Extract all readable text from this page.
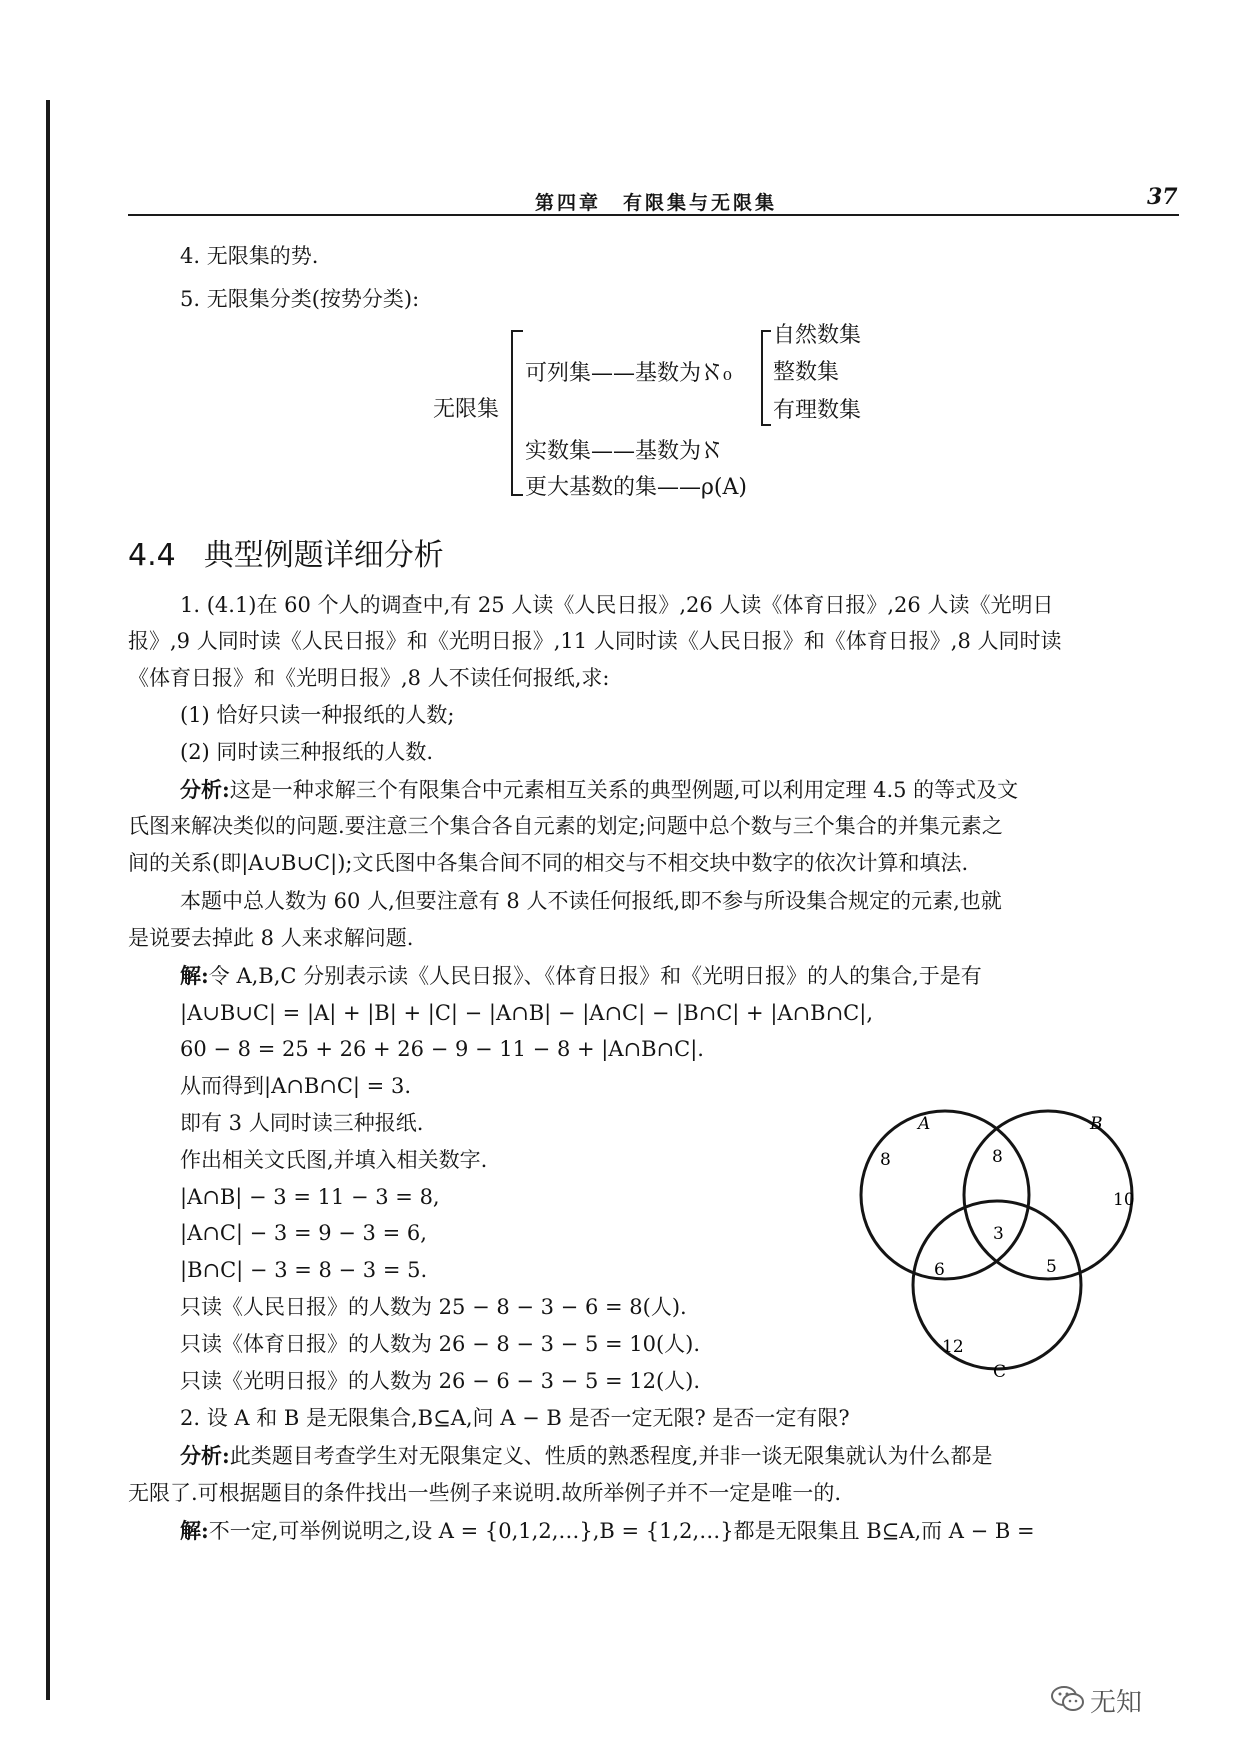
第四章　有限集与无限集	37
4. 无限集的势.
5. 无限集分类(按势分类):
无限集
可列集——基数为ℵ₀
自然数集
整数集
有理数集
实数集——基数为ℵ
更大基数的集——ρ(A)
4.4 典型例题详细分析
1. (4.1)在 60 个人的调查中,有 25 人读《人民日报》,26 人读《体育日报》,26 人读《光明日
报》,9 人同时读《人民日报》和《光明日报》,11 人同时读《人民日报》和《体育日报》,8 人同时读
《体育日报》和《光明日报》,8 人不读任何报纸,求:
(1) 恰好只读一种报纸的人数;
(2) 同时读三种报纸的人数.
分析:这是一种求解三个有限集合中元素相互关系的典型例题,可以利用定理 4.5 的等式及文
氏图来解决类似的问题.要注意三个集合各自元素的划定;问题中总个数与三个集合的并集元素之
间的关系(即|A∪B∪C|);文氏图中各集合间不同的相交与不相交块中数字的依次计算和填法.
本题中总人数为 60 人,但要注意有 8 人不读任何报纸,即不参与所设集合规定的元素,也就
是说要去掉此 8 人来求解问题.
解:令 A,B,C 分别表示读《人民日报》、《体育日报》和《光明日报》的人的集合,于是有
|A∪B∪C| = |A| + |B| + |C| − |A∩B| − |A∩C| − |B∩C| + |A∩B∩C|,
60 − 8 = 25 + 26 + 26 − 9 − 11 − 8 + |A∩B∩C|.
从而得到|A∩B∩C| = 3.
即有 3 人同时读三种报纸.
作出相关文氏图,并填入相关数字.
|A∩B| − 3 = 11 − 3 = 8,
|A∩C| − 3 = 9 − 3 = 6,
|B∩C| − 3 = 8 − 3 = 5.
只读《人民日报》的人数为 25 − 8 − 3 − 6 = 8(人).
只读《体育日报》的人数为 26 − 8 − 3 − 5 = 10(人).
只读《光明日报》的人数为 26 − 6 − 3 − 5 = 12(人).
2. 设 A 和 B 是无限集合,B⊆A,问 A − B 是否一定无限? 是否一定有限?
分析:此类题目考查学生对无限集定义、性质的熟悉程度,并非一谈无限集就认为什么都是
无限了.可根据题目的条件找出一些例子来说明.故所举例子并不一定是唯一的.
解:不一定,可举例说明之,设 A = {0,1,2,…},B = {1,2,…}都是无限集且 B⊆A,而 A − B =
A	B
C
8
10
12
8
6	5
3
无知
